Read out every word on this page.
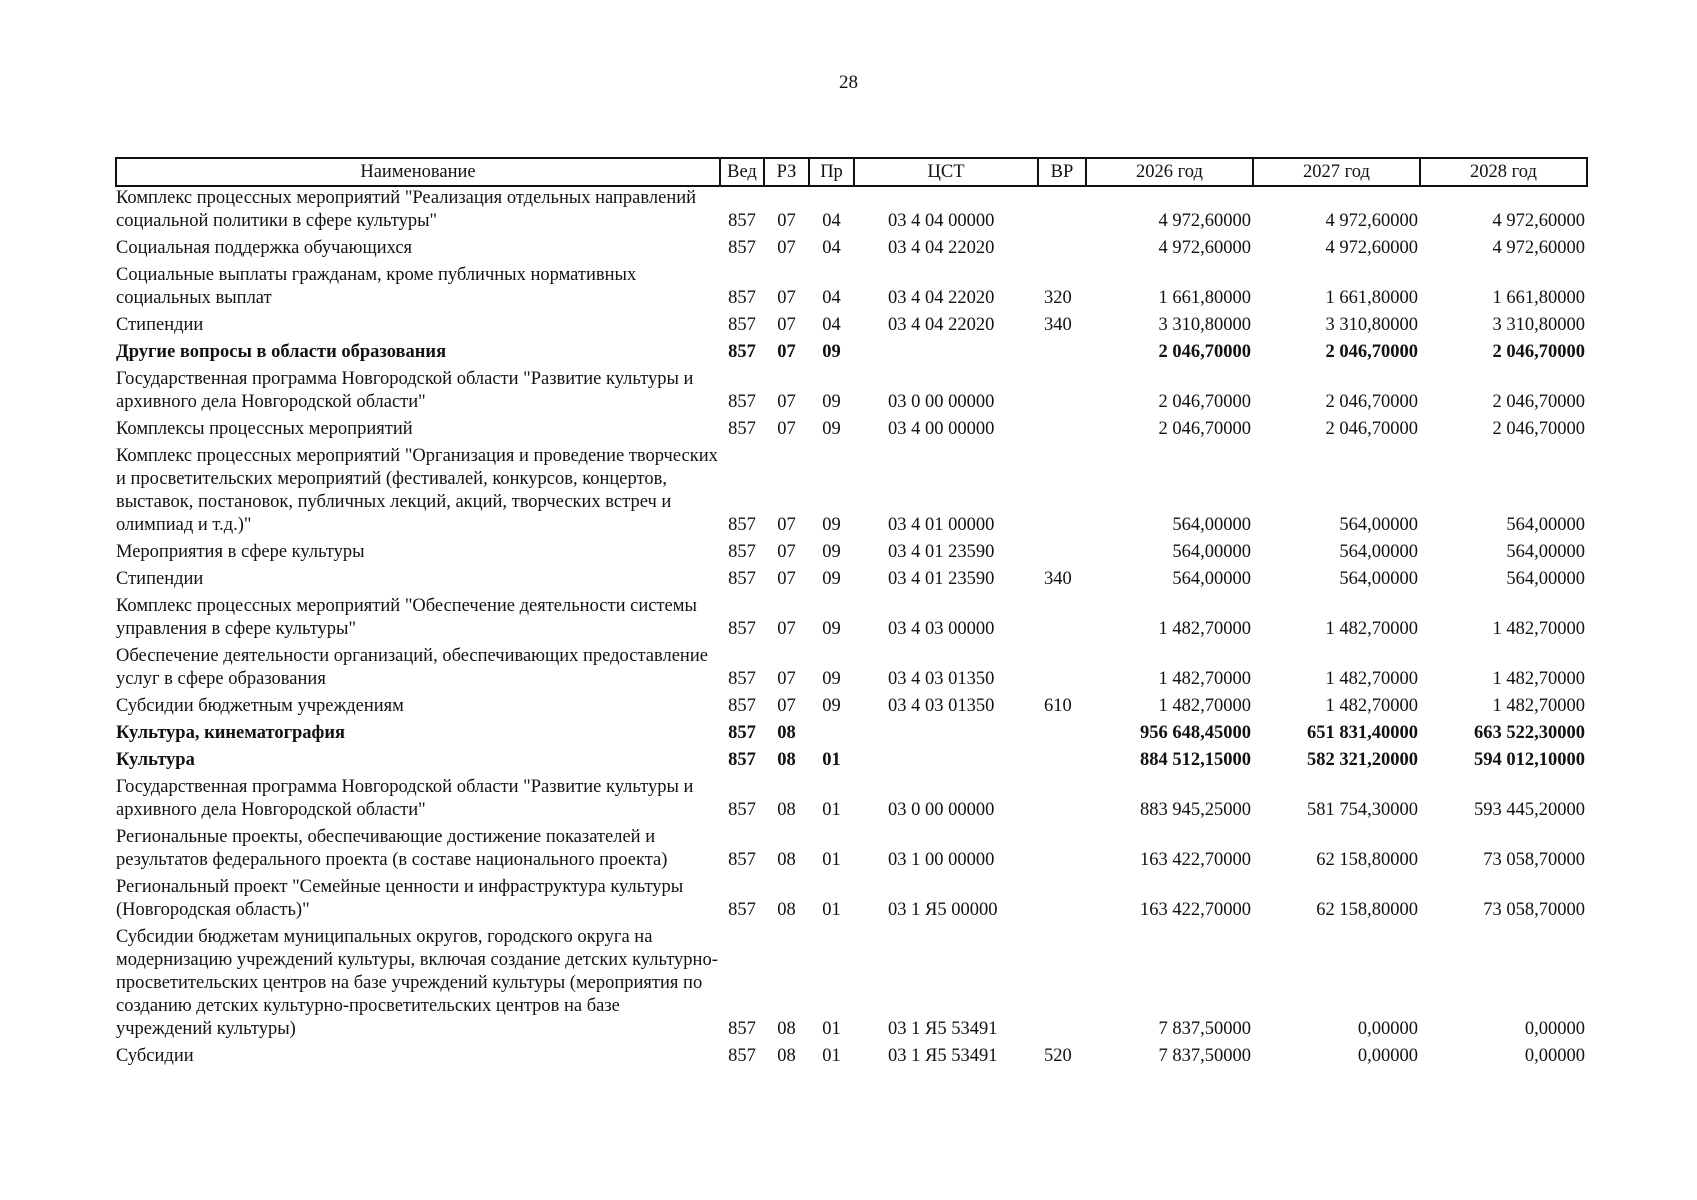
28
Наименование	Вед	РЗ	Пр	ЦСТ	ВР	2026 год	2027 год	2028 год
Комплекс процессных мероприятий "Реализация отдельных направлений социальной политики в сфере культуры"	857	07	04	03 4 04 00000		4 972,60000	4 972,60000	4 972,60000
Социальная поддержка обучающихся	857	07	04	03 4 04 22020		4 972,60000	4 972,60000	4 972,60000
Социальные выплаты гражданам, кроме публичных нормативных социальных выплат	857	07	04	03 4 04 22020	320	1 661,80000	1 661,80000	1 661,80000
Стипендии	857	07	04	03 4 04 22020	340	3 310,80000	3 310,80000	3 310,80000
Другие вопросы в области образования	857	07	09			2 046,70000	2 046,70000	2 046,70000
Государственная программа Новгородской области "Развитие культуры и архивного дела Новгородской области"	857	07	09	03 0 00 00000		2 046,70000	2 046,70000	2 046,70000
Комплексы процессных мероприятий	857	07	09	03 4 00 00000		2 046,70000	2 046,70000	2 046,70000
Комплекс процессных мероприятий "Организация и проведение творческих и просветительских мероприятий (фестивалей, конкурсов, концертов, выставок, постановок, публичных лекций, акций, творческих встреч и олимпиад и т.д.)"	857	07	09	03 4 01 00000		564,00000	564,00000	564,00000
Мероприятия в сфере культуры	857	07	09	03 4 01 23590		564,00000	564,00000	564,00000
Стипендии	857	07	09	03 4 01 23590	340	564,00000	564,00000	564,00000
Комплекс процессных мероприятий "Обеспечение деятельности системы управления в сфере культуры"	857	07	09	03 4 03 00000		1 482,70000	1 482,70000	1 482,70000
Обеспечение деятельности организаций, обеспечивающих предоставление услуг в сфере образования	857	07	09	03 4 03 01350		1 482,70000	1 482,70000	1 482,70000
Субсидии бюджетным учреждениям	857	07	09	03 4 03 01350	610	1 482,70000	1 482,70000	1 482,70000
Культура, кинематография	857	08				956 648,45000	651 831,40000	663 522,30000
Культура	857	08	01			884 512,15000	582 321,20000	594 012,10000
Государственная программа Новгородской области "Развитие культуры и архивного дела Новгородской области"	857	08	01	03 0 00 00000		883 945,25000	581 754,30000	593 445,20000
Региональные проекты, обеспечивающие достижение показателей и результатов федерального проекта (в составе национального проекта)	857	08	01	03 1 00 00000		163 422,70000	62 158,80000	73 058,70000
Региональный проект "Семейные ценности и инфраструктура культуры (Новгородская область)"	857	08	01	03 1 Я5 00000		163 422,70000	62 158,80000	73 058,70000
Субсидии бюджетам муниципальных округов, городского округа на модернизацию учреждений культуры, включая создание детских культурно-просветительских центров на базе учреждений культуры (мероприятия по созданию детских культурно-просветительских центров на базе учреждений культуры)	857	08	01	03 1 Я5 53491		7 837,50000	0,00000	0,00000
Субсидии	857	08	01	03 1 Я5 53491	520	7 837,50000	0,00000	0,00000
